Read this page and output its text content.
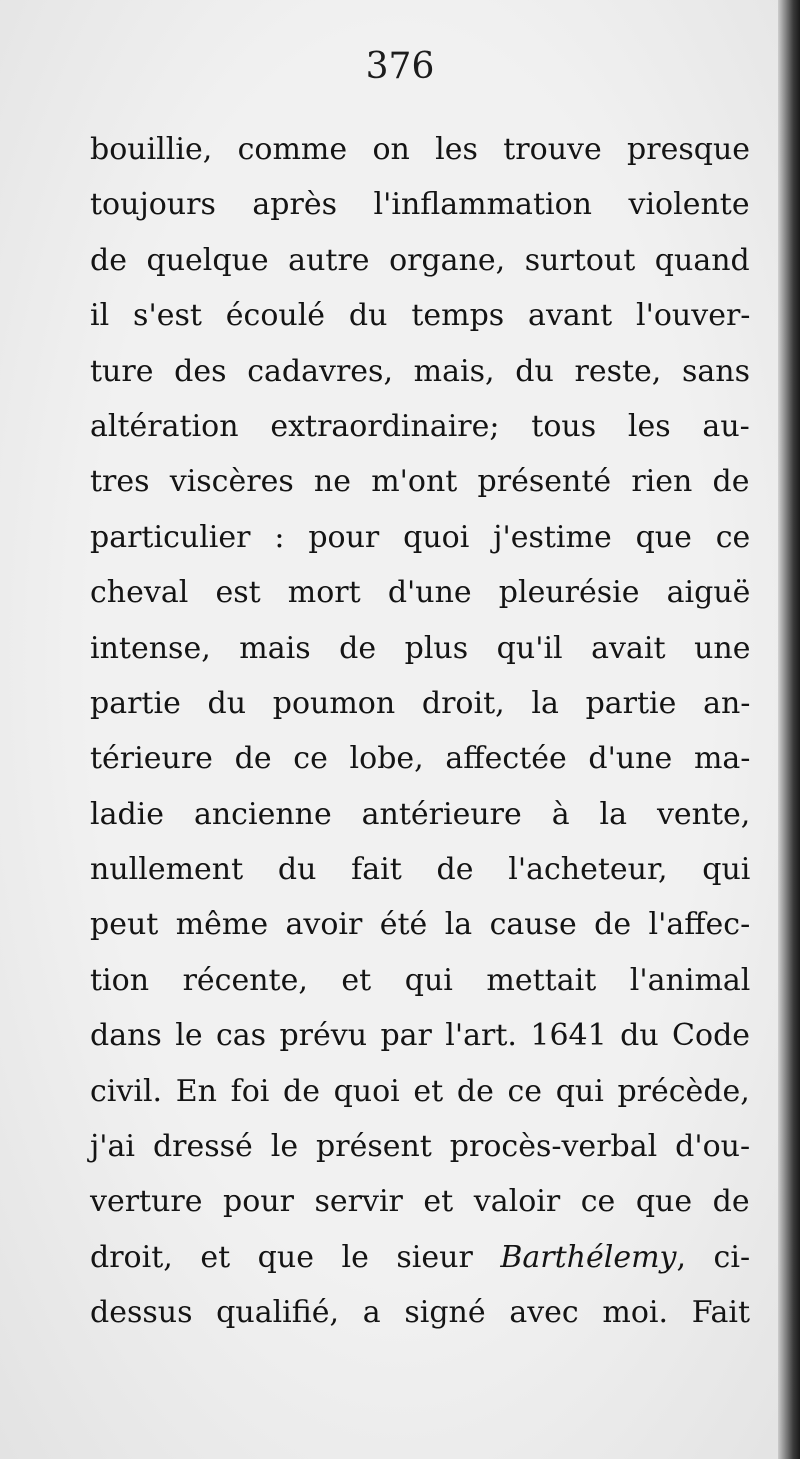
376

bouillie, comme on les trouve presque
toujours après l'inflammation violente
de quelque autre organe, surtout quand
il s'est écoulé du temps avant l'ouver-
ture des cadavres, mais, du reste, sans
altération extraordinaire; tous les au-
tres viscères ne m'ont présenté rien de
particulier : pour quoi j'estime que ce
cheval est mort d'une pleurésie aiguë
intense, mais de plus qu'il avait une
partie du poumon droit, la partie an-
térieure de ce lobe, affectée d'une ma-
ladie ancienne antérieure à la vente,
nullement du fait de l'acheteur, qui
peut même avoir été la cause de l'affec-
tion récente, et qui mettait l'animal
dans le cas prévu par l'art. 1641 du Code
civil. En foi de quoi et de ce qui précède,
j'ai dressé le présent procès-verbal d'ou-
verture pour servir et valoir ce que de
droit, et que le sieur Barthélemy, ci-
dessus qualifié, a signé avec moi. Fait
